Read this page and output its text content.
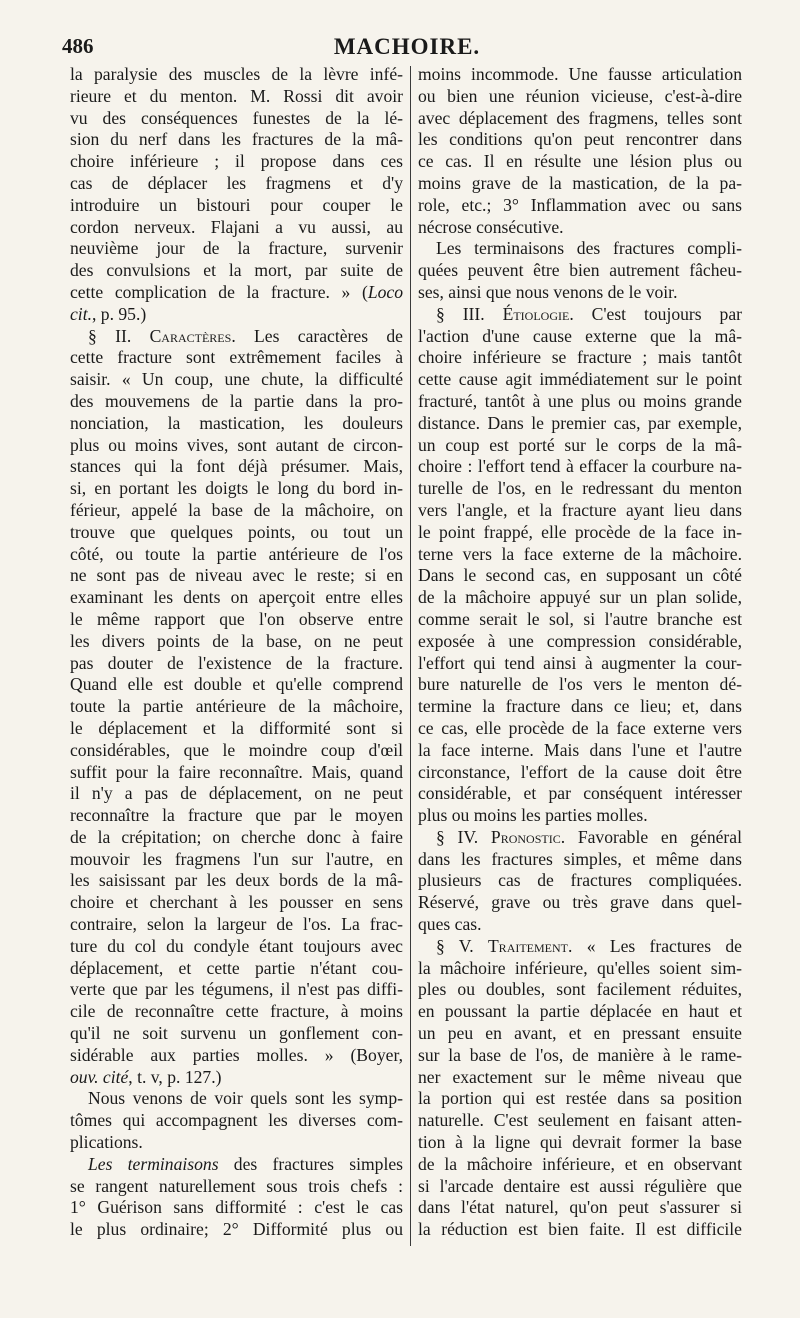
486	MACHOIRE.
la paralysie des muscles de la lèvre infé-
rieure et du menton. M. Rossi dit avoir
vu des conséquences funestes de la lé-
sion du nerf dans les fractures de la mâ-
choire inférieure ; il propose dans ces
cas de déplacer les fragmens et d'y
introduire un bistouri pour couper le
cordon nerveux. Flajani a vu aussi, au
neuvième jour de la fracture, survenir
des convulsions et la mort, par suite de
cette complication de la fracture. » (Loco
cit., p. 95.)
§ II. Caractères. Les caractères de
cette fracture sont extrêmement faciles à
saisir. « Un coup, une chute, la difficulté
des mouvemens de la partie dans la pro-
nonciation, la mastication, les douleurs
plus ou moins vives, sont autant de circon-
stances qui la font déjà présumer. Mais,
si, en portant les doigts le long du bord in-
férieur, appelé la base de la mâchoire, on
trouve que quelques points, ou tout un
côté, ou toute la partie antérieure de l'os
ne sont pas de niveau avec le reste; si en
examinant les dents on aperçoit entre elles
le même rapport que l'on observe entre
les divers points de la base, on ne peut
pas douter de l'existence de la fracture.
Quand elle est double et qu'elle comprend
toute la partie antérieure de la mâchoire,
le déplacement et la difformité sont si
considérables, que le moindre coup d'œil
suffit pour la faire reconnaître. Mais, quand
il n'y a pas de déplacement, on ne peut
reconnaître la fracture que par le moyen
de la crépitation; on cherche donc à faire
mouvoir les fragmens l'un sur l'autre, en
les saisissant par les deux bords de la mâ-
choire et cherchant à les pousser en sens
contraire, selon la largeur de l'os. La frac-
ture du col du condyle étant toujours avec
déplacement, et cette partie n'étant cou-
verte que par les tégumens, il n'est pas diffi-
cile de reconnaître cette fracture, à moins
qu'il ne soit survenu un gonflement con-
sidérable aux parties molles. » (Boyer,
ouv. cité, t. v, p. 127.)
Nous venons de voir quels sont les symp-
tômes qui accompagnent les diverses com-
plications.
Les terminaisons des fractures simples
se rangent naturellement sous trois chefs :
1° Guérison sans difformité : c'est le cas
le plus ordinaire; 2° Difformité plus ou
moins incommode. Une fausse articulation
ou bien une réunion vicieuse, c'est-à-dire
avec déplacement des fragmens, telles sont
les conditions qu'on peut rencontrer dans
ce cas. Il en résulte une lésion plus ou
moins grave de la mastication, de la pa-
role, etc.; 3° Inflammation avec ou sans
nécrose consécutive.
Les terminaisons des fractures compli-
quées peuvent être bien autrement fâcheu-
ses, ainsi que nous venons de le voir.
§ III. Étiologie. C'est toujours par
l'action d'une cause externe que la mâ-
choire inférieure se fracture ; mais tantôt
cette cause agit immédiatement sur le point
fracturé, tantôt à une plus ou moins grande
distance. Dans le premier cas, par exemple,
un coup est porté sur le corps de la mâ-
choire : l'effort tend à effacer la courbure na-
turelle de l'os, en le redressant du menton
vers l'angle, et la fracture ayant lieu dans
le point frappé, elle procède de la face in-
terne vers la face externe de la mâchoire.
Dans le second cas, en supposant un côté
de la mâchoire appuyé sur un plan solide,
comme serait le sol, si l'autre branche est
exposée à une compression considérable,
l'effort qui tend ainsi à augmenter la cour-
bure naturelle de l'os vers le menton dé-
termine la fracture dans ce lieu; et, dans
ce cas, elle procède de la face externe vers
la face interne. Mais dans l'une et l'autre
circonstance, l'effort de la cause doit être
considérable, et par conséquent intéresser
plus ou moins les parties molles.
§ IV. Pronostic. Favorable en général
dans les fractures simples, et même dans
plusieurs cas de fractures compliquées.
Réservé, grave ou très grave dans quel-
ques cas.
§ V. Traitement. « Les fractures de
la mâchoire inférieure, qu'elles soient sim-
ples ou doubles, sont facilement réduites,
en poussant la partie déplacée en haut et
un peu en avant, et en pressant ensuite
sur la base de l'os, de manière à le rame-
ner exactement sur le même niveau que
la portion qui est restée dans sa position
naturelle. C'est seulement en faisant atten-
tion à la ligne qui devrait former la base
de la mâchoire inférieure, et en observant
si l'arcade dentaire est aussi régulière que
dans l'état naturel, qu'on peut s'assurer si
la réduction est bien faite. Il est difficile
